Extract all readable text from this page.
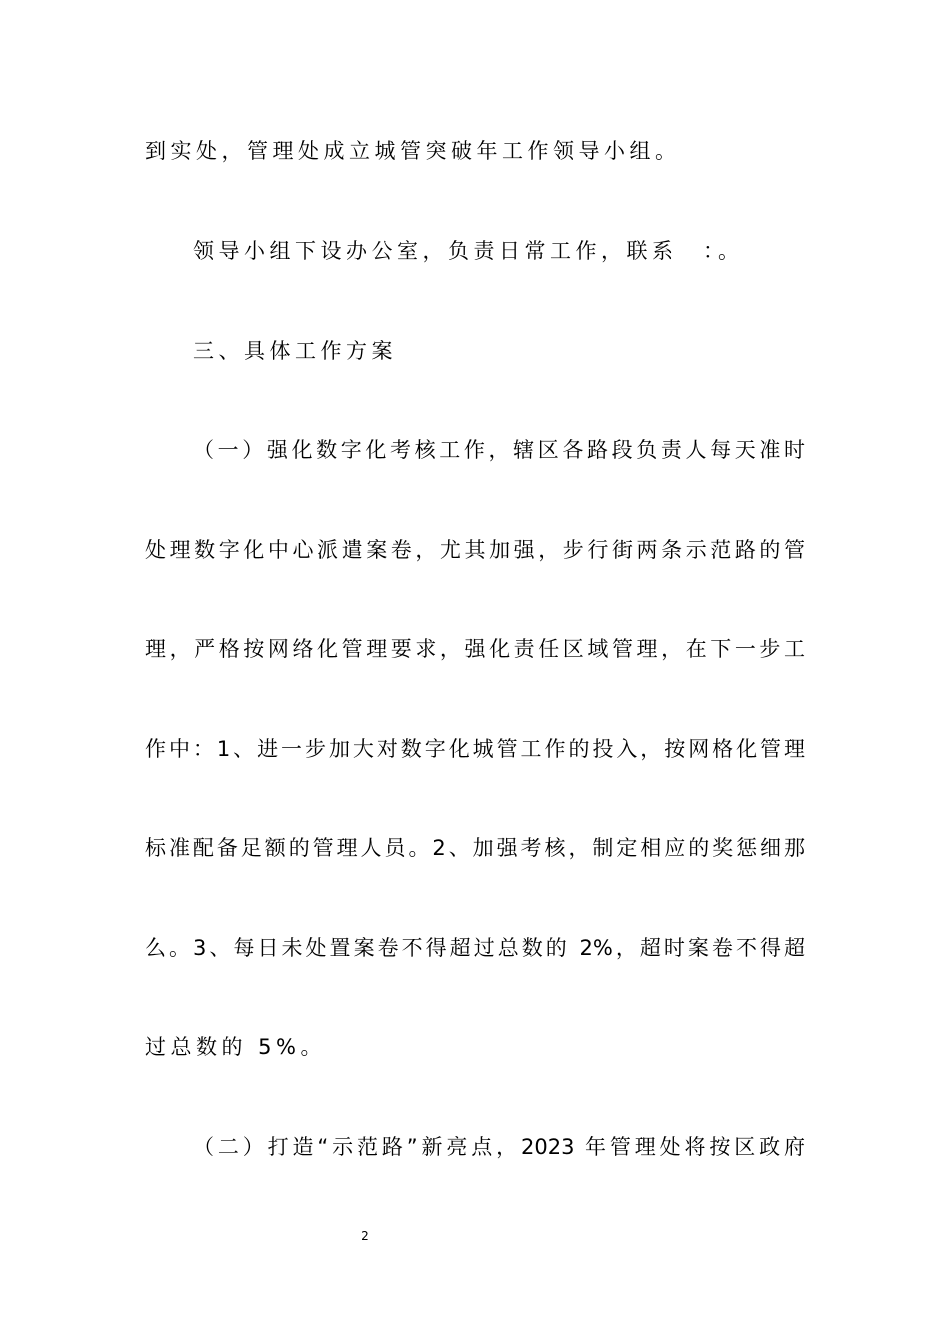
到实处，管理处成立城管突破年工作领导小组。
领导小组下设办公室，负责日常工作，联系　：。
三、具体工作方案
（一）强化数字化考核工作，辖区各路段负责人每天准时
处理数字化中心派遣案卷，尤其加强，步行街两条示范路的管
理，严格按网络化管理要求，强化责任区域管理，在下一步工
作中：1、进一步加大对数字化城管工作的投入，按网格化管理
标准配备足额的管理人员。2、加强考核，制定相应的奖惩细那
么。3、每日未处置案卷不得超过总数的 2%，超时案卷不得超
过总数的 5%。
（二）打造“示范路”新亮点，2023 年管理处将按区政府
2
